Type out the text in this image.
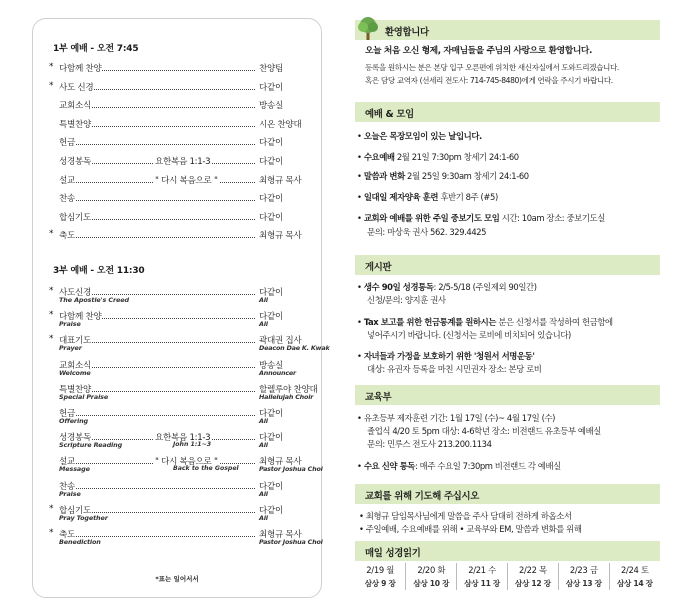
1부 예배 - 오전 7:45
* 다함께 찬양	찬양팀
* 사도 신경	다같이
교회소식	방송실
특별찬양	시온 찬양대
헌금	다같이
성경봉독	요한복음 1:1-3	다같이
설교	" 다시 복음으로 "	최형규 목사
찬송	다같이
합심기도	다같이
* 축도	최형규 목사
3부 예배 - 오전 11:30
* 사도신경	다같이
The Apostle's Creed	All
* 다함께 찬양	다같이
Praise	All
* 대표기도	곽대권 집사
Prayer	Deacon Dae K. Kwak
교회소식	방송실
Welcome	Announcer
특별찬양	할렐루야 찬양대
Special Praise	Hallelujah Choir
헌금	다같이
Offering	All
성경봉독	요한복음 1:1-3	다같이
Scripture Reading	John 1:1~3	All
설교	" 다시 복음으로 "	최형규 목사
Message	Back to the Gospel	Pastor Joshua Choi
찬송	다같이
Praise	All
* 합심기도	다같이
Pray Together	All
* 축도	최형규 목사
Benediction	Pastor Joshua Choi
*표는 일어서서
환영합니다
오늘 처음 오신 형제, 자매님들을 주님의 사랑으로 환영합니다.
등록을 원하시는 분은 본당 입구 오른편에 위치한 새신자실에서 도와드리겠습니다.
혹은 담당 교역자 (선세리 전도사: 714-745-8480)에게 연락을 주시기 바랍니다.
예배 & 모임
• 오늘은 목장모임이 있는 날입니다.
• 수요예배 2월 21일 7:30pm 창세기 24:1-60
• 말씀과 변화 2월 25일 9:30am 창세기 24:1-60
• 일대일 제자양육 훈련 후반기 8주 (#5)
• 교회와 예배를 위한 주일 중보기도 모임 시간: 10am 장소: 중보기도실
문의: 마상욱 권사 562. 329.4425
게시판
• 생수 90일 성경통독: 2/5-5/18 (주일제외 90일간)
신청/문의: 양지훈 권사
• Tax 보고를 위한 헌금통계를 원하시는 분은 신청서를 작성하여 헌금함에
넣어주시기 바랍니다. (신청서는 로비에 비치되어 있습니다)
• 자녀들과 가정을 보호하기 위한 '청원서 서명운동'
대상: 유권자 등록을 마친 시민권자 장소: 본당 로비
교육부
• 유초등부 제자훈련 기간: 1월 17일 (수)~ 4월 17일 (수)
졸업식 4/20 토 5pm 대상: 4-6학년 장소: 비전랜드 유초등부 예배실
문의: 민루스 전도사 213.200.1134
• 수요 신약 통독: 매주 수요일 7:30pm 비전랜드 각 예배실
교회를 위해 기도해 주십시오
• 최형규 담임목사님에게 말씀을 주사 담대히 전하게 하옵소서
• 주일예배, 수요예배를 위해 • 교육부와 EM, 말씀과 변화를 위해
매일 성경읽기
2/19 월	2/20 화	2/21 수	2/22 목	2/23 금	2/24 토
삼상 9 장	삼상 10 장	삼상 11 장	삼상 12 장	삼상 13 장	삼상 14 장
